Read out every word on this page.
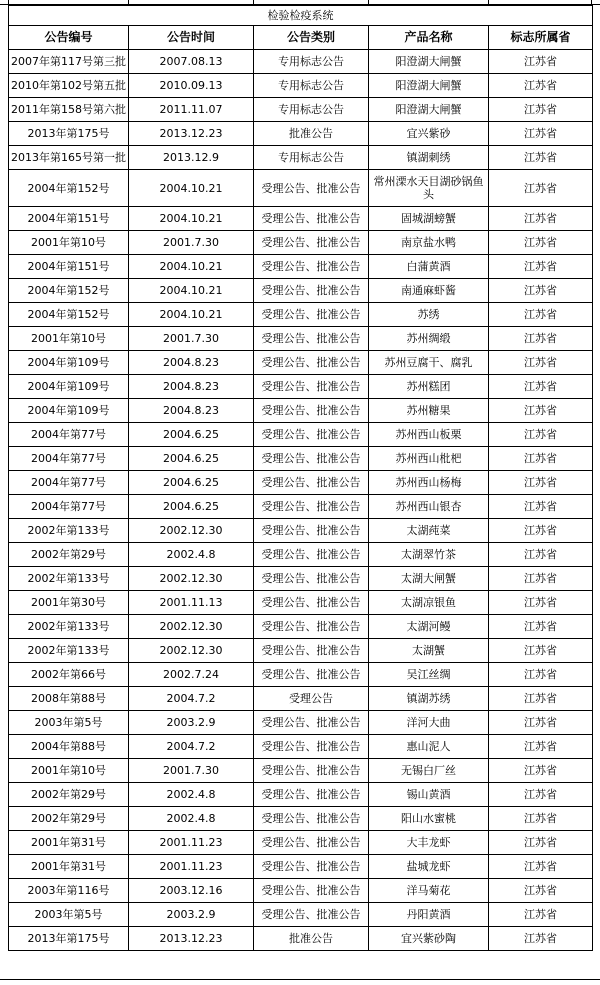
检验检疫系统				
公告编号	公告时间	公告类别	产品名称	标志所属省
2007年第117号第三批	2007.08.13	专用标志公告	阳澄湖大闸蟹	江苏省
2010年第102号第五批	2010.09.13	专用标志公告	阳澄湖大闸蟹	江苏省
2011年第158号第六批	2011.11.07	专用标志公告	阳澄湖大闸蟹	江苏省
2013年第175号	2013.12.23	批准公告	宜兴紫砂	江苏省
2013年第165号第一批	2013.12.9	专用标志公告	镇湖刺绣	江苏省
2004年第152号	2004.10.21	受理公告、批准公告	常州溧水天目湖砂锅鱼头	江苏省
2004年第151号	2004.10.21	受理公告、批准公告	固城湖螃蟹	江苏省
2001年第10号	2001.7.30	受理公告、批准公告	南京盐水鸭	江苏省
2004年第151号	2004.10.21	受理公告、批准公告	白蒲黄酒	江苏省
2004年第152号	2004.10.21	受理公告、批准公告	南通麻虾酱	江苏省
2004年第152号	2004.10.21	受理公告、批准公告	苏绣	江苏省
2001年第10号	2001.7.30	受理公告、批准公告	苏州绸缎	江苏省
2004年第109号	2004.8.23	受理公告、批准公告	苏州豆腐干、腐乳	江苏省
2004年第109号	2004.8.23	受理公告、批准公告	苏州糕团	江苏省
2004年第109号	2004.8.23	受理公告、批准公告	苏州糖果	江苏省
2004年第77号	2004.6.25	受理公告、批准公告	苏州西山板栗	江苏省
2004年第77号	2004.6.25	受理公告、批准公告	苏州西山枇杷	江苏省
2004年第77号	2004.6.25	受理公告、批准公告	苏州西山杨梅	江苏省
2004年第77号	2004.6.25	受理公告、批准公告	苏州西山银杏	江苏省
2002年第133号	2002.12.30	受理公告、批准公告	太湖莼菜	江苏省
2002年第29号	2002.4.8	受理公告、批准公告	太湖翠竹茶	江苏省
2002年第133号	2002.12.30	受理公告、批准公告	太湖大闸蟹	江苏省
2001年第30号	2001.11.13	受理公告、批准公告	太湖凉银鱼	江苏省
2002年第133号	2002.12.30	受理公告、批准公告	太湖河鳗	江苏省
2002年第133号	2002.12.30	受理公告、批准公告	太湖蟹	江苏省
2002年第66号	2002.7.24	受理公告、批准公告	吴江丝绸	江苏省
2008年第88号	2004.7.2	受理公告	镇湖苏绣	江苏省
2003年第5号	2003.2.9	受理公告、批准公告	洋河大曲	江苏省
2004年第88号	2004.7.2	受理公告、批准公告	惠山泥人	江苏省
2001年第10号	2001.7.30	受理公告、批准公告	无锡白厂丝	江苏省
2002年第29号	2002.4.8	受理公告、批准公告	锡山黄酒	江苏省
2002年第29号	2002.4.8	受理公告、批准公告	阳山水蜜桃	江苏省
2001年第31号	2001.11.23	受理公告、批准公告	大丰龙虾	江苏省
2001年第31号	2001.11.23	受理公告、批准公告	盐城龙虾	江苏省
2003年第116号	2003.12.16	受理公告、批准公告	洋马菊花	江苏省
2003年第5号	2003.2.9	受理公告、批准公告	丹阳黄酒	江苏省
2013年第175号	2013.12.23	批准公告	宜兴紫砂陶	江苏省
